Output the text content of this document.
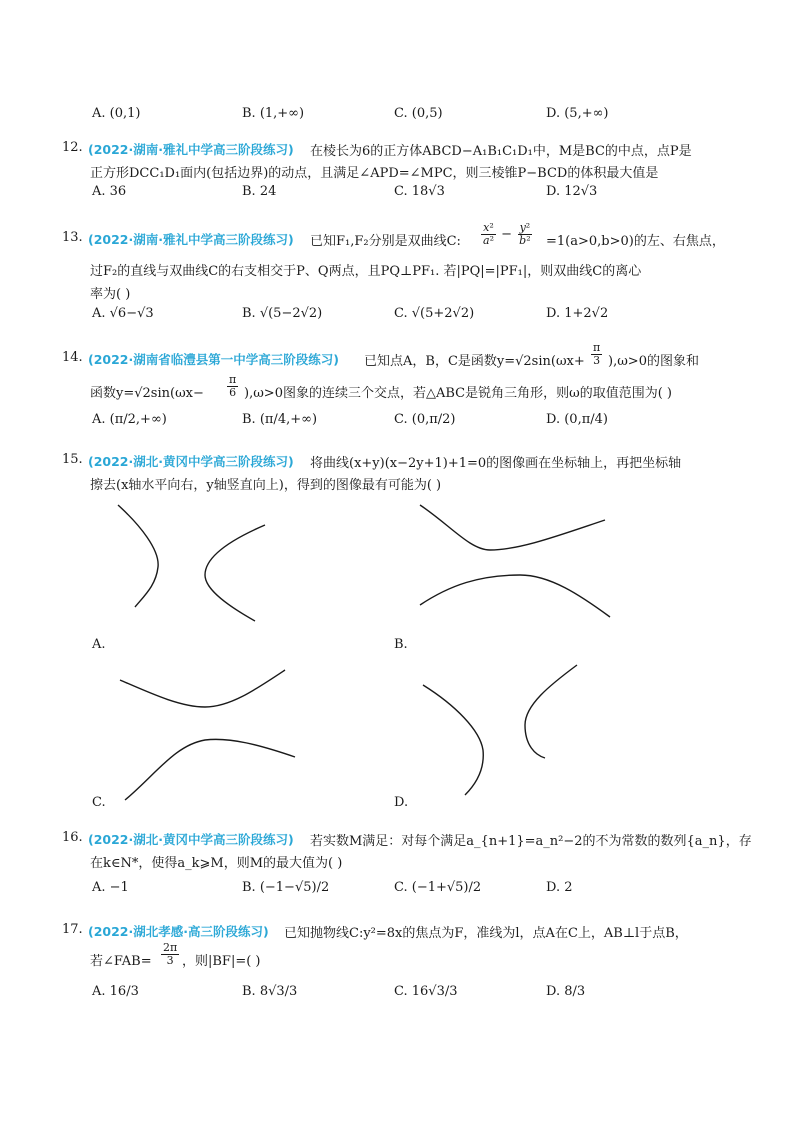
A. (0,1)	B. (1,+∞)	C. (0,5)	D. (5,+∞)
12. (2022·湖南·雅礼中学高三阶段练习) 在棱长为6的正方体ABCD−A₁B₁C₁D₁中，M是BC的中点，点P是
正方形DCC₁D₁面内(包括边界)的动点，且满足∠APD=∠MPC，则三棱锥P−BCD的体积最大值是
A. 36	B. 24	C. 18√3	D. 12√3
13. (2022·湖南·雅礼中学高三阶段练习) 已知F₁,F₂分别是双曲线C: $\frac{\text{x²}}{\text{a²}} - \frac{\text{y²}}{\text{b²}} =1(a>0,b>0)$的左、右焦点，
过F₂的直线与双曲线C的右支相交于P、Q两点，且PQ⊥PF₁. 若|PQ|=|PF₁|，则双曲线C的离心
率为( )
A. √6−√3	B. √(5−2√2)	C. √(5+2√2)	D. 1+2√2
14. (2022·湖南省临澧县第一中学高三阶段练习) 已知点A，B，C是函数$y=√2\sin(\omega x+ \frac{\pi}{3} ),\omega>0$的图象和
函数$y=√2\sin(\omega x- \frac{\pi}{6} ),\omega>0$图象的连续三个交点，若△ABC是锐角三角形，则ω的取值范围为( )
A. (π/2,+∞)	B. (π/4,+∞)	C. (0,π/2)	D. (0,π/4)
15. (2022·湖北·黄冈中学高三阶段练习) 将曲线(x+y)(x−2y+1)+1=0的图像画在坐标轴上，再把坐标轴
擦去(x轴水平向右，y轴竖直向上)，得到的图像最有可能为( )
A.	B.
C.	D.
16. (2022·湖北·黄冈中学高三阶段练习) 若实数M满足：对每个满足a_{n+1}=a_n²−2的不为常数的数列{a_n}，存
在k∈N*，使得a_k⩾M，则M的最大值为( )
A. −1	B. (−1−√5)/2	C. (−1+√5)/2	D. 2
17. (2022·湖北孝感·高三阶段练习) 已知抛物线C:y²=8x的焦点为F，准线为l，点A在C上，AB⊥l于点B，
若∠FAB= $\frac{2\pi}{3}$ ，则|BF|=( )
A. 16/3	B. 8√3/3	C. 16√3/3	D. 8/3
